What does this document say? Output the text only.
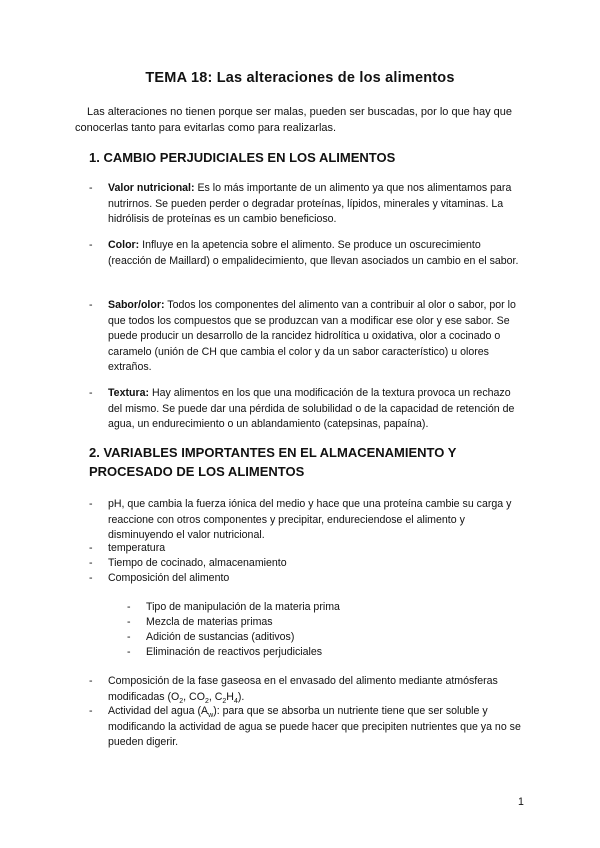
TEMA 18: Las alteraciones de los alimentos
Las alteraciones no tienen porque ser malas, pueden ser buscadas, por lo que hay que conocerlas tanto para evitarlas como para realizarlas.
1. CAMBIO PERJUDICIALES EN LOS ALIMENTOS
- Valor nutricional: Es lo más importante de un alimento ya que nos alimentamos para nutrirnos. Se pueden perder o degradar proteínas, lípidos, minerales y vitaminas. La hidrólisis de proteínas es un cambio beneficioso.
- Color: Influye en la apetencia sobre el alimento. Se produce un oscurecimiento (reacción de Maillard) o empalidecimiento, que llevan asociados un cambio en el sabor.
- Sabor/olor: Todos los componentes del alimento van a contribuir al olor o sabor, por lo que todos los compuestos que se produzcan van a modificar ese olor y ese sabor. Se puede producir un desarrollo de la rancidez hidrolítica u oxidativa, olor a cocinado o caramelo (unión de CH que cambia el color y da un sabor característico) u olores extraños.
- Textura: Hay alimentos en los que una modificación de la textura provoca un rechazo del mismo. Se puede dar una pérdida de solubilidad o de la capacidad de retención de agua, un endurecimiento o un ablandamiento (catepsinas, papaína).
2. VARIABLES IMPORTANTES EN EL ALMACENAMIENTO Y PROCESADO DE LOS ALIMENTOS
- pH, que cambia la fuerza iónica del medio y hace que una proteína cambie su carga y reaccione con otros componentes y precipitar, endureciendose el alimento y disminuyendo el valor nutricional.
- temperatura
- Tiempo de cocinado, almacenamiento
- Composición del alimento
- Tipo de manipulación de la materia prima
- Mezcla de materias primas
- Adición de sustancias (aditivos)
- Eliminación de reactivos perjudiciales
- Composición de la fase gaseosa en el envasado del alimento mediante atmósferas modificadas ($O_2$, $CO_2$, $C_2H_4$).
- Actividad del agua $(A_w)$: para que se absorba un nutriente tiene que ser soluble y modificando la actividad de agua se puede hacer que precipiten nutrientes que ya no se pueden digerir.
1
